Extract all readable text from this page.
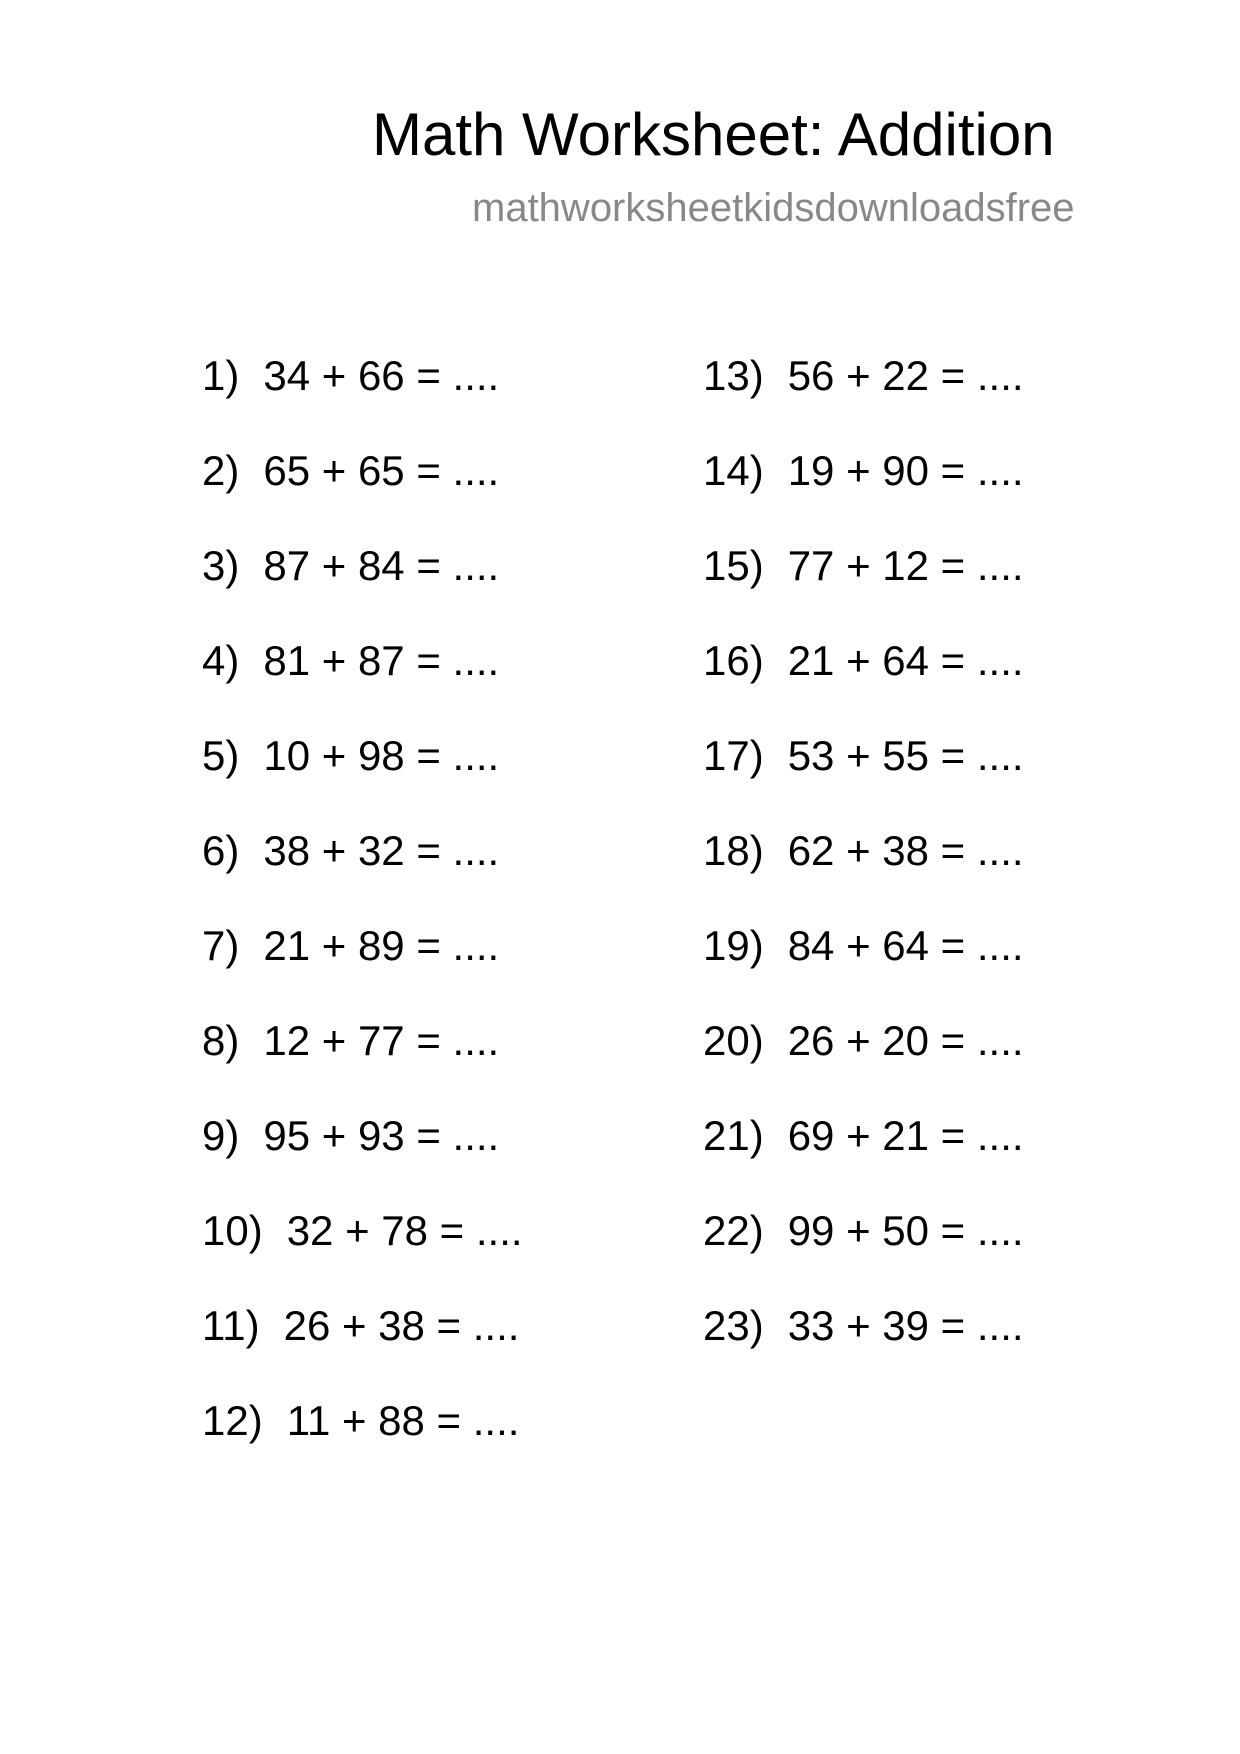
Math Worksheet: Addition
mathworksheetkidsdownloadsfree
1) 34 + 66 = ....
2) 65 + 65 = ....
3) 87 + 84 = ....
4) 81 + 87 = ....
5) 10 + 98 = ....
6) 38 + 32 = ....
7) 21 + 89 = ....
8) 12 + 77 = ....
9) 95 + 93 = ....
10) 32 + 78 = ....
11) 26 + 38 = ....
12) 11 + 88 = ....
13) 56 + 22 = ....
14) 19 + 90 = ....
15) 77 + 12 = ....
16) 21 + 64 = ....
17) 53 + 55 = ....
18) 62 + 38 = ....
19) 84 + 64 = ....
20) 26 + 20 = ....
21) 69 + 21 = ....
22) 99 + 50 = ....
23) 33 + 39 = ....
